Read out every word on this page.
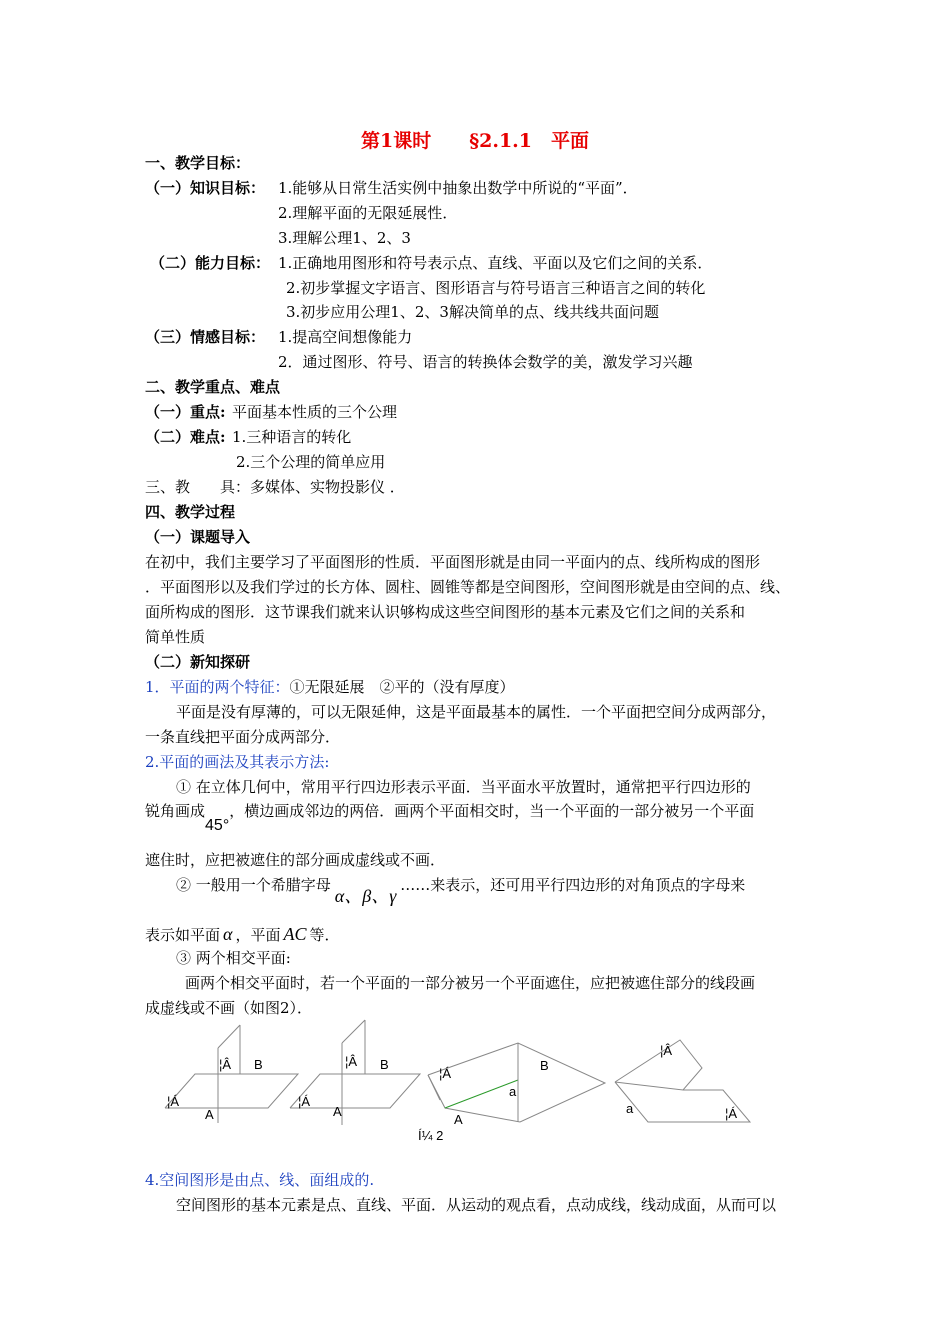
第1课时　　§2.1.1　平面
一、教学目标：
（一）知识目标： 1.能够从日常生活实例中抽象出数学中所说的“平面”．
2.理解平面的无限延展性．
3.理解公理1、2、3
（二）能力目标： 1.正确地用图形和符号表示点、直线、平面以及它们之间的关系．
2.初步掌握文字语言、图形语言与符号语言三种语言之间的转化
3.初步应用公理1、2、3解决简单的点、线共线共面问题
（三）情感目标： 1.提高空间想像能力
2．通过图形、符号、语言的转换体会数学的美，激发学习兴趣
二、教学重点、难点
（一）重点: 平面基本性质的三个公理
（二）难点: 1.三种语言的转化
2.三个公理的简单应用
三、教　　具：多媒体、实物投影仪 ．
四、教学过程
（一）课题导入
在初中，我们主要学习了平面图形的性质．平面图形就是由同一平面内的点、线所构成的图形
．平面图形以及我们学过的长方体、圆柱、圆锥等都是空间图形，空间图形就是由空间的点、线、
面所构成的图形．这节课我们就来认识够构成这些空间图形的基本元素及它们之间的关系和
简单性质
（二）新知探研
1．平面的两个特征：①无限延展　②平的（没有厚度）
平面是没有厚薄的，可以无限延伸，这是平面最基本的属性．一个平面把空间分成两部分，
一条直线把平面分成两部分．
2.平面的画法及其表示方法:
① 在立体几何中，常用平行四边形表示平面．当平面水平放置时，通常把平行四边形的
锐角画成45°，横边画成邻边的两倍．画两个平面相交时，当一个平面的一部分被另一个平面
遮住时，应把被遮住的部分画成虚线或不画．
② 一般用一个希腊字母α、β、γ……来表示，还可用平行四边形的对角顶点的字母来
表示如平面 α ，平面 AC 等．
③ 两个相交平面:
画两个相交平面时，若一个平面的一部分被另一个平面遮住，应把被遮住部分的线段画
成虚线或不画（如图2）．
¦Â B
¦Á
A
¦Â B
¦Á
A
¦Á
B
a
A
¦Â
a	¦Á
Í¼ 2
4.空间图形是由点、线、面组成的.
空间图形的基本元素是点、直线、平面．从运动的观点看，点动成线，线动成面，从而可以
